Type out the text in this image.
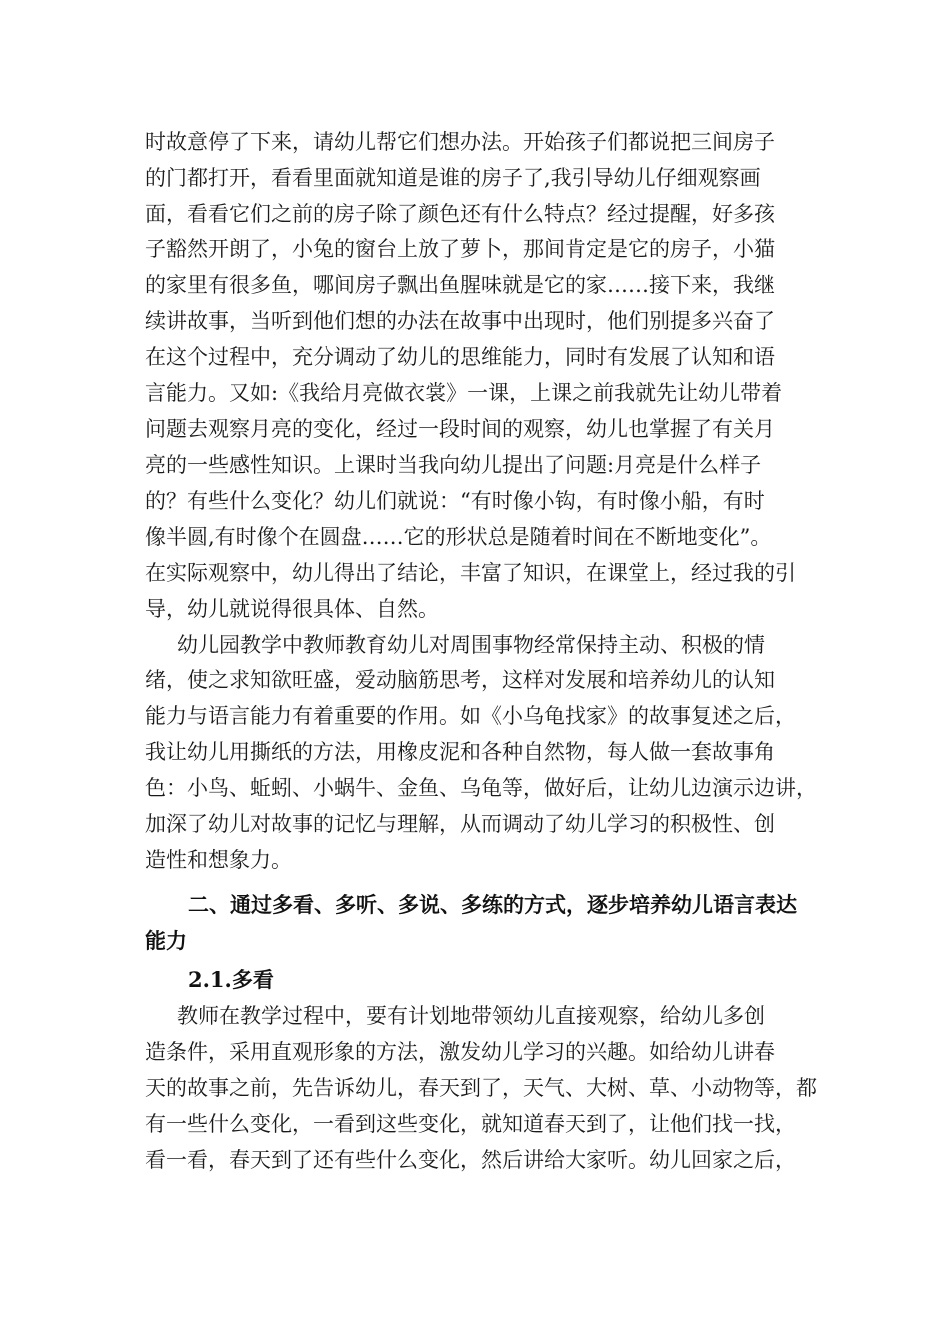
时故意停了下来，请幼儿帮它们想办法。开始孩子们都说把三间房子
的门都打开，看看里面就知道是谁的房子了,我引导幼儿仔细观察画
面，看看它们之前的房子除了颜色还有什么特点？经过提醒，好多孩
子豁然开朗了，小兔的窗台上放了萝卜，那间肯定是它的房子，小猫
的家里有很多鱼，哪间房子飘出鱼腥味就是它的家……接下来，我继
续讲故事，当听到他们想的办法在故事中出现时，他们别提多兴奋了
在这个过程中，充分调动了幼儿的思维能力，同时有发展了认知和语
言能力。又如:《我给月亮做衣裳》一课，上课之前我就先让幼儿带着
问题去观察月亮的变化，经过一段时间的观察，幼儿也掌握了有关月
亮的一些感性知识。上课时当我向幼儿提出了问题:月亮是什么样子
的？有些什么变化？幼儿们就说：“有时像小钩，有时像小船，有时
像半圆,有时像个在圆盘……它的形状总是随着时间在不断地变化”。
在实际观察中，幼儿得出了结论，丰富了知识，在课堂上，经过我的引
导，幼儿就说得很具体、自然。
幼儿园教学中教师教育幼儿对周围事物经常保持主动、积极的情
绪，使之求知欲旺盛，爱动脑筋思考，这样对发展和培养幼儿的认知
能力与语言能力有着重要的作用。如《小乌龟找家》的故事复述之后，
我让幼儿用撕纸的方法，用橡皮泥和各种自然物，每人做一套故事角
色：小鸟、蚯蚓、小蜗牛、金鱼、乌龟等，做好后，让幼儿边演示边讲，
加深了幼儿对故事的记忆与理解，从而调动了幼儿学习的积极性、创
造性和想象力。
二、通过多看、多听、多说、多练的方式，逐步培养幼儿语言表达
能力
2.1.多看
教师在教学过程中，要有计划地带领幼儿直接观察，给幼儿多创
造条件，采用直观形象的方法，激发幼儿学习的兴趣。如给幼儿讲春
天的故事之前，先告诉幼儿，春天到了，天气、大树、草、小动物等，都
有一些什么变化，一看到这些变化，就知道春天到了，让他们找一找，
看一看，春天到了还有些什么变化，然后讲给大家听。幼儿回家之后，
